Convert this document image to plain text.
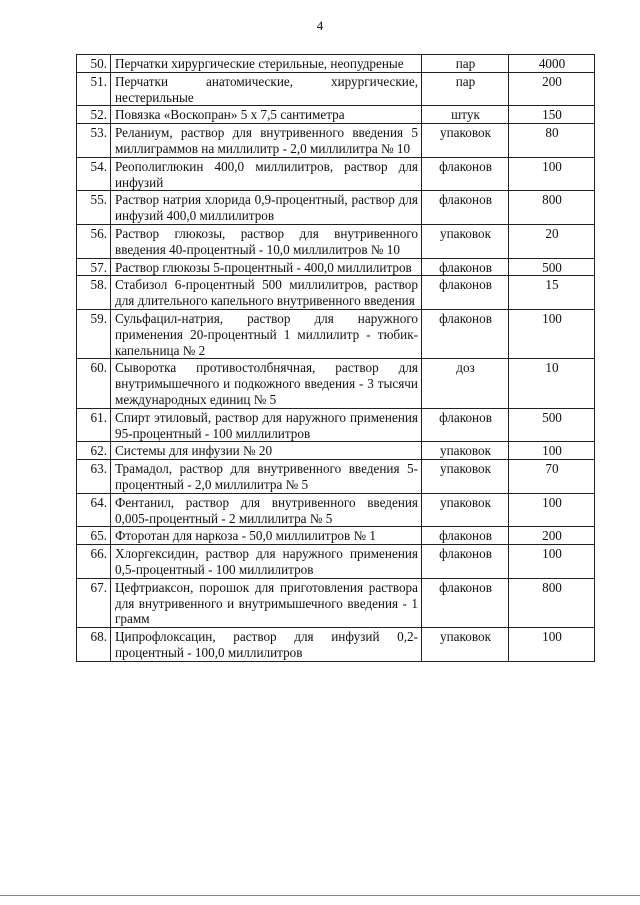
4
50.	Перчатки хирургические стерильные, неопудреные	пар	4000
51.	Перчатки анатомические, хирургические, нестерильные	пар	200
52.	Повязка «Воскопран» 5 х 7,5 сантиметра	штук	150
53.	Реланиум, раствор для внутривенного введения 5 миллиграммов на миллилитр - 2,0 миллилитра № 10	упаковок	80
54.	Реополиглюкин 400,0 миллилитров, раствор для инфузий	флаконов	100
55.	Раствор натрия хлорида 0,9-процентный, раствор для инфузий 400,0 миллилитров	флаконов	800
56.	Раствор глюкозы, раствор для внутривенного введения 40-процентный - 10,0 миллилитров № 10	упаковок	20
57.	Раствор глюкозы 5-процентный - 400,0 миллилитров	флаконов	500
58.	Стабизол 6-процентный 500 миллилитров, раствор для длительного капельного внутривенного введения	флаконов	15
59.	Сульфацил-натрия, раствор для наружного применения 20-процентный 1 миллилитр - тюбик-капельница № 2	флаконов	100
60.	Сыворотка противостолбнячная, раствор для внутримышечного и подкожного введения - 3 тысячи международных единиц № 5	доз	10
61.	Спирт этиловый, раствор для наружного применения 95-процентный - 100 миллилитров	флаконов	500
62.	Системы для инфузии № 20	упаковок	100
63.	Трамадол, раствор для внутривенного введения 5-процентный - 2,0 миллилитра № 5	упаковок	70
64.	Фентанил, раствор для внутривенного введения 0,005-процентный - 2 миллилитра № 5	упаковок	100
65.	Фторотан для наркоза - 50,0 миллилитров № 1	флаконов	200
66.	Хлоргексидин, раствор для наружного применения 0,5-процентный - 100 миллилитров	флаконов	100
67.	Цефтриаксон, порошок для приготовления раствора для внутривенного и внутримышечного введения - 1 грамм	флаконов	800
68.	Ципрофлоксацин, раствор для инфузий 0,2-процентный - 100,0 миллилитров	упаковок	100
